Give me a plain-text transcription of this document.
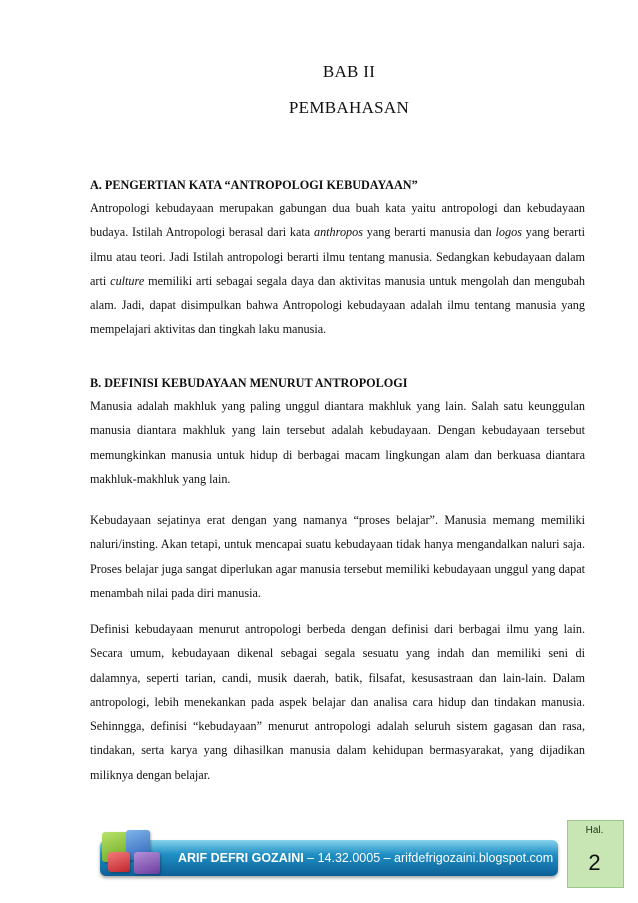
BAB II
PEMBAHASAN

A. PENGERTIAN KATA “ANTROPOLOGI KEBUDAYAAN”

Antropologi kebudayaan merupakan gabungan dua buah kata yaitu antropologi dan kebudayaan budaya. Istilah Antropologi berasal dari kata anthropos yang berarti manusia dan logos yang berarti ilmu atau teori. Jadi Istilah antropologi berarti ilmu tentang manusia. Sedangkan kebudayaan dalam arti culture memiliki arti sebagai segala daya dan aktivitas manusia untuk mengolah dan mengubah alam. Jadi, dapat disimpulkan bahwa Antropologi kebudayaan adalah ilmu tentang manusia yang mempelajari aktivitas dan tingkah laku manusia.

B. DEFINISI KEBUDAYAAN MENURUT ANTROPOLOGI

Manusia adalah makhluk yang paling unggul diantara makhluk yang lain. Salah satu keunggulan manusia diantara makhluk yang lain tersebut adalah kebudayaan. Dengan kebudayaan tersebut memungkinkan manusia untuk hidup di berbagai macam lingkungan alam dan berkuasa diantara makhluk-makhluk yang lain.

Kebudayaan sejatinya erat dengan yang namanya “proses belajar”. Manusia memang memiliki naluri/insting. Akan tetapi, untuk mencapai suatu kebudayaan tidak hanya mengandalkan naluri saja. Proses belajar juga sangat diperlukan agar manusia tersebut memiliki kebudayaan unggul yang dapat menambah nilai pada diri manusia.

Definisi kebudayaan menurut antropologi berbeda dengan definisi dari berbagai ilmu yang lain. Secara umum, kebudayaan dikenal sebagai segala sesuatu yang indah dan memiliki seni di dalamnya, seperti tarian, candi, musik daerah, batik, filsafat, kesusastraan dan lain-lain. Dalam antropologi, lebih menekankan pada aspek belajar dan analisa cara hidup dan tindakan manusia. Sehinngga, definisi “kebudayaan” menurut antropologi adalah seluruh sistem gagasan dan rasa, tindakan, serta karya yang dihasilkan manusia dalam kehidupan bermasyarakat, yang dijadikan miliknya dengan belajar.

ARIF DEFRI GOZAINI – 14.32.0005 – arifdefrigozaini.blogspot.com
Hal.
2
